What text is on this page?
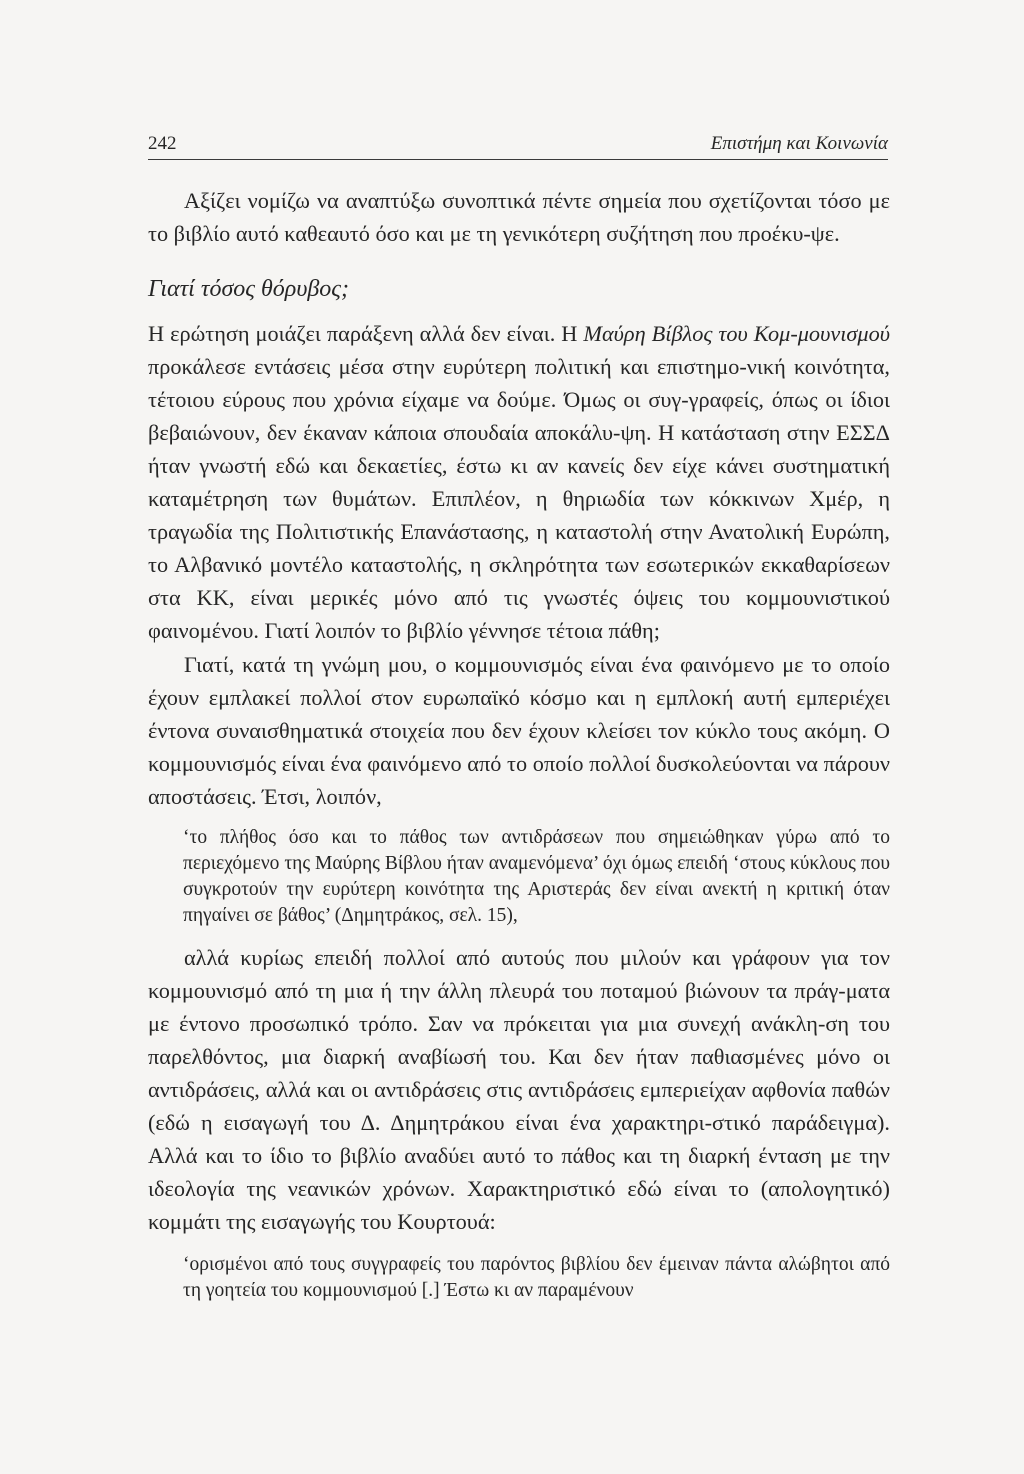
242	Επιστήμη και Κοινωνία

Αξίζει νομίζω να αναπτύξω συνοπτικά πέντε σημεία που σχετίζονται τόσο με το βιβλίο αυτό καθεαυτό όσο και με τη γενικότερη συζήτηση που προέκυ-ψε.

Γιατί τόσος θόρυβος;

Η ερώτηση μοιάζει παράξενη αλλά δεν είναι. Η Μαύρη Βίβλος του Κομ-μουνισμού προκάλεσε εντάσεις μέσα στην ευρύτερη πολιτική και επιστημο-νική κοινότητα, τέτοιου εύρους που χρόνια είχαμε να δούμε. Όμως οι συγ-γραφείς, όπως οι ίδιοι βεβαιώνουν, δεν έκαναν κάποια σπουδαία αποκάλυ-ψη. Η κατάσταση στην ΕΣΣΔ ήταν γνωστή εδώ και δεκαετίες, έστω κι αν κανείς δεν είχε κάνει συστηματική καταμέτρηση των θυμάτων. Επιπλέον, η θηριωδία των κόκκινων Χμέρ, η τραγωδία της Πολιτιστικής Επανάστασης, η καταστολή στην Ανατολική Ευρώπη, το Αλβανικό μοντέλο καταστολής, η σκληρότητα των εσωτερικών εκκαθαρίσεων στα ΚΚ, είναι μερικές μόνο από τις γνωστές όψεις του κομμουνιστικού φαινομένου. Γιατί λοιπόν το βιβλίο γέννησε τέτοια πάθη;

Γιατί, κατά τη γνώμη μου, ο κομμουνισμός είναι ένα φαινόμενο με το οποίο έχουν εμπλακεί πολλοί στον ευρωπαϊκό κόσμο και η εμπλοκή αυτή εμπεριέχει έντονα συναισθηματικά στοιχεία που δεν έχουν κλείσει τον κύκλο τους ακόμη. Ο κομμουνισμός είναι ένα φαινόμενο από το οποίο πολλοί δυσκολεύονται να πάρουν αποστάσεις. Έτσι, λοιπόν,

‘το πλήθος όσο και το πάθος των αντιδράσεων που σημειώθηκαν γύρω από το περιεχόμενο της Μαύρης Βίβλου ήταν αναμενόμενα’ όχι όμως επειδή ‘στους κύκλους που συγκροτούν την ευρύτερη κοινότητα της Αριστεράς δεν είναι ανεκτή η κριτική όταν πηγαίνει σε βάθος’ (Δημητράκος, σελ. 15),

αλλά κυρίως επειδή πολλοί από αυτούς που μιλούν και γράφουν για τον κομμουνισμό από τη μια ή την άλλη πλευρά του ποταμού βιώνουν τα πράγ-ματα με έντονο προσωπικό τρόπο. Σαν να πρόκειται για μια συνεχή ανάκλη-ση του παρελθόντος, μια διαρκή αναβίωσή του. Και δεν ήταν παθιασμένες μόνο οι αντιδράσεις, αλλά και οι αντιδράσεις στις αντιδράσεις εμπεριείχαν αφθονία παθών (εδώ η εισαγωγή του Δ. Δημητράκου είναι ένα χαρακτηρι-στικό παράδειγμα). Αλλά και το ίδιο το βιβλίο αναδύει αυτό το πάθος και τη διαρκή ένταση με την ιδεολογία της νεανικών χρόνων. Χαρακτηριστικό εδώ είναι το (απολογητικό) κομμάτι της εισαγωγής του Κουρτουά:

‘ορισμένοι από τους συγγραφείς του παρόντος βιβλίου δεν έμειναν πάντα αλώβητοι από τη γοητεία του κομμουνισμού [.] Έστω κι αν παραμένουν
